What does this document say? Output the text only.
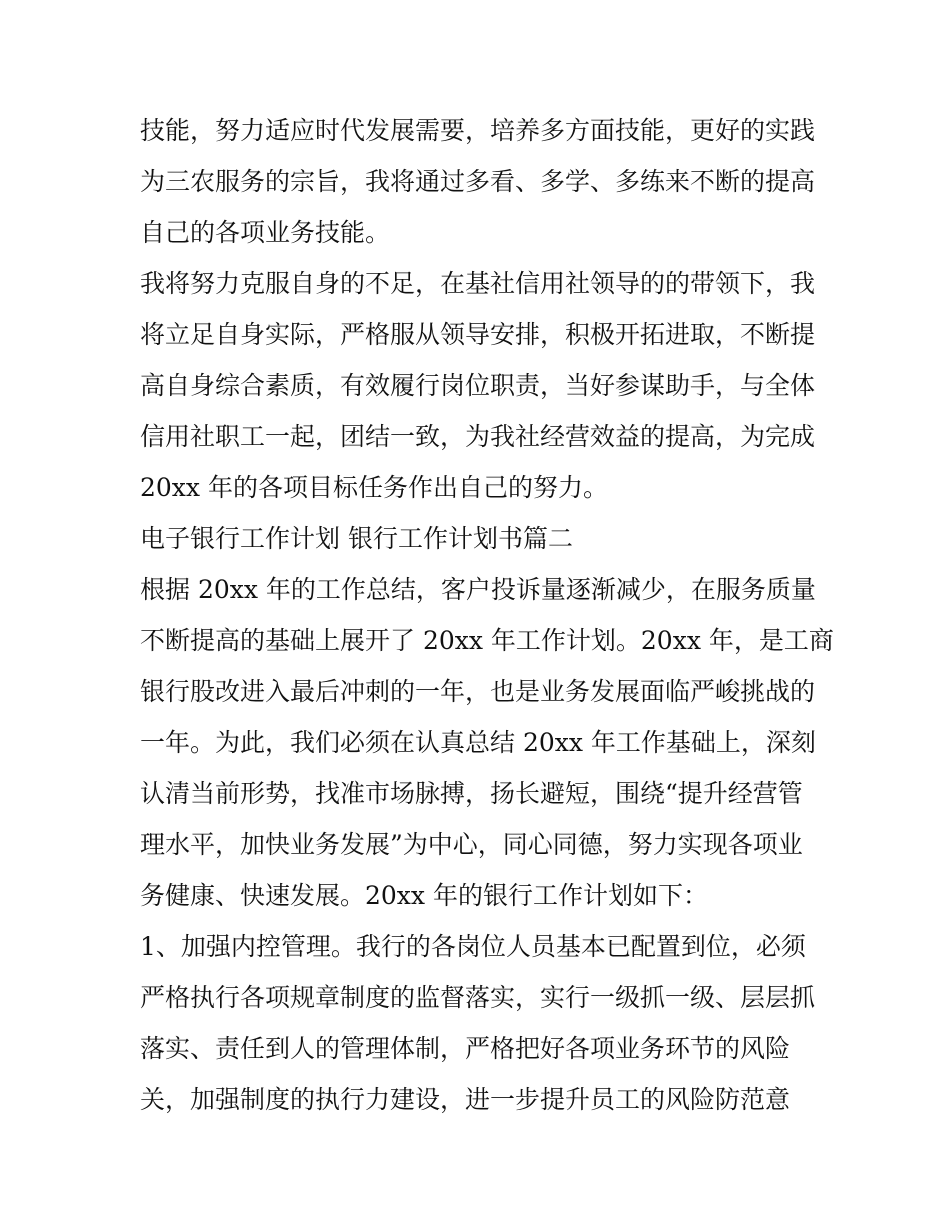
技能，努力适应时代发展需要，培养多方面技能，更好的实践
为三农服务的宗旨，我将通过多看、多学、多练来不断的提高
自己的各项业务技能。

我将努力克服自身的不足，在基社信用社领导的的带领下，我
将立足自身实际，严格服从领导安排，积极开拓进取，不断提
高自身综合素质，有效履行岗位职责，当好参谋助手，与全体
信用社职工一起，团结一致，为我社经营效益的提高，为完成
20xx 年的各项目标任务作出自己的努力。

电子银行工作计划 银行工作计划书篇二

根据 20xx 年的工作总结，客户投诉量逐渐减少，在服务质量
不断提高的基础上展开了 20xx 年工作计划。20xx 年，是工商
银行股改进入最后冲刺的一年，也是业务发展面临严峻挑战的
一年。为此，我们必须在认真总结 20xx 年工作基础上，深刻
认清当前形势，找准市场脉搏，扬长避短，围绕“提升经营管
理水平，加快业务发展”为中心，同心同德，努力实现各项业
务健康、快速发展。20xx 年的银行工作计划如下：

1、加强内控管理。我行的各岗位人员基本已配置到位，必须
严格执行各项规章制度的监督落实，实行一级抓一级、层层抓
落实、责任到人的管理体制，严格把好各项业务环节的风险
关，加强制度的执行力建设，进一步提升员工的风险防范意
